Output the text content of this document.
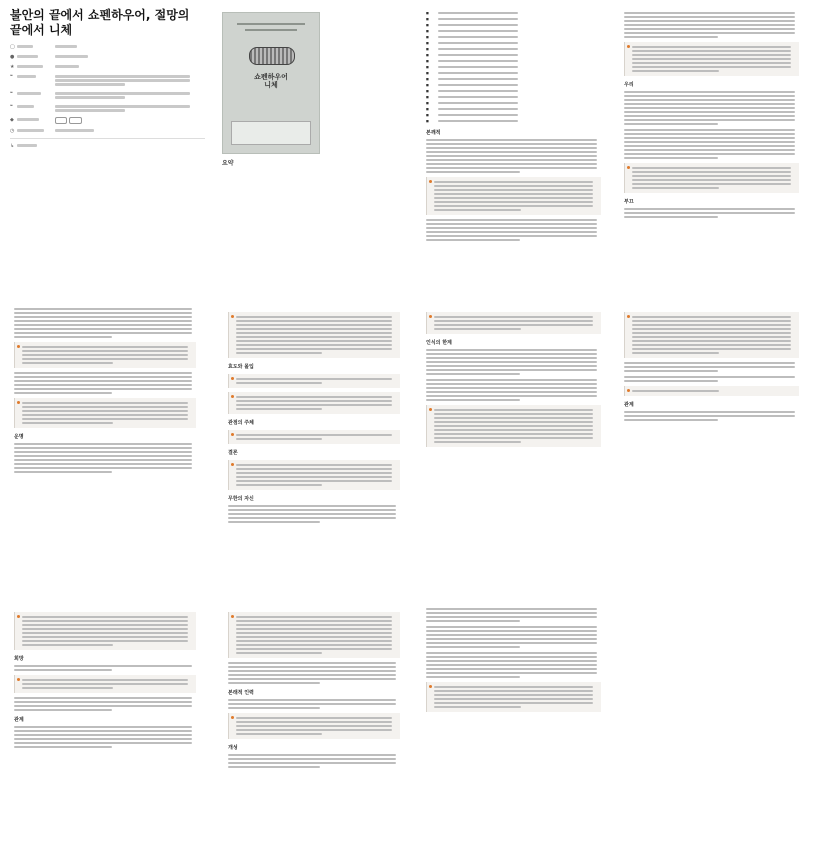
불안의 끝에서 쇼펜하우어, 절망의 끝에서 니체
▢
●
★
❝
❝
❝
◆

◷
↳
쇼펜하우어
니체
요약
■
■
■
■
■
■
■
■
■
■
■
■
■
■
■
■
■
■
■
본깨적
우리
부끄
운명
효도와 몰입
관점의 주체
결론
무한의 자신
인식의 한계
관계
희망
관계
본래적 인력
개성
